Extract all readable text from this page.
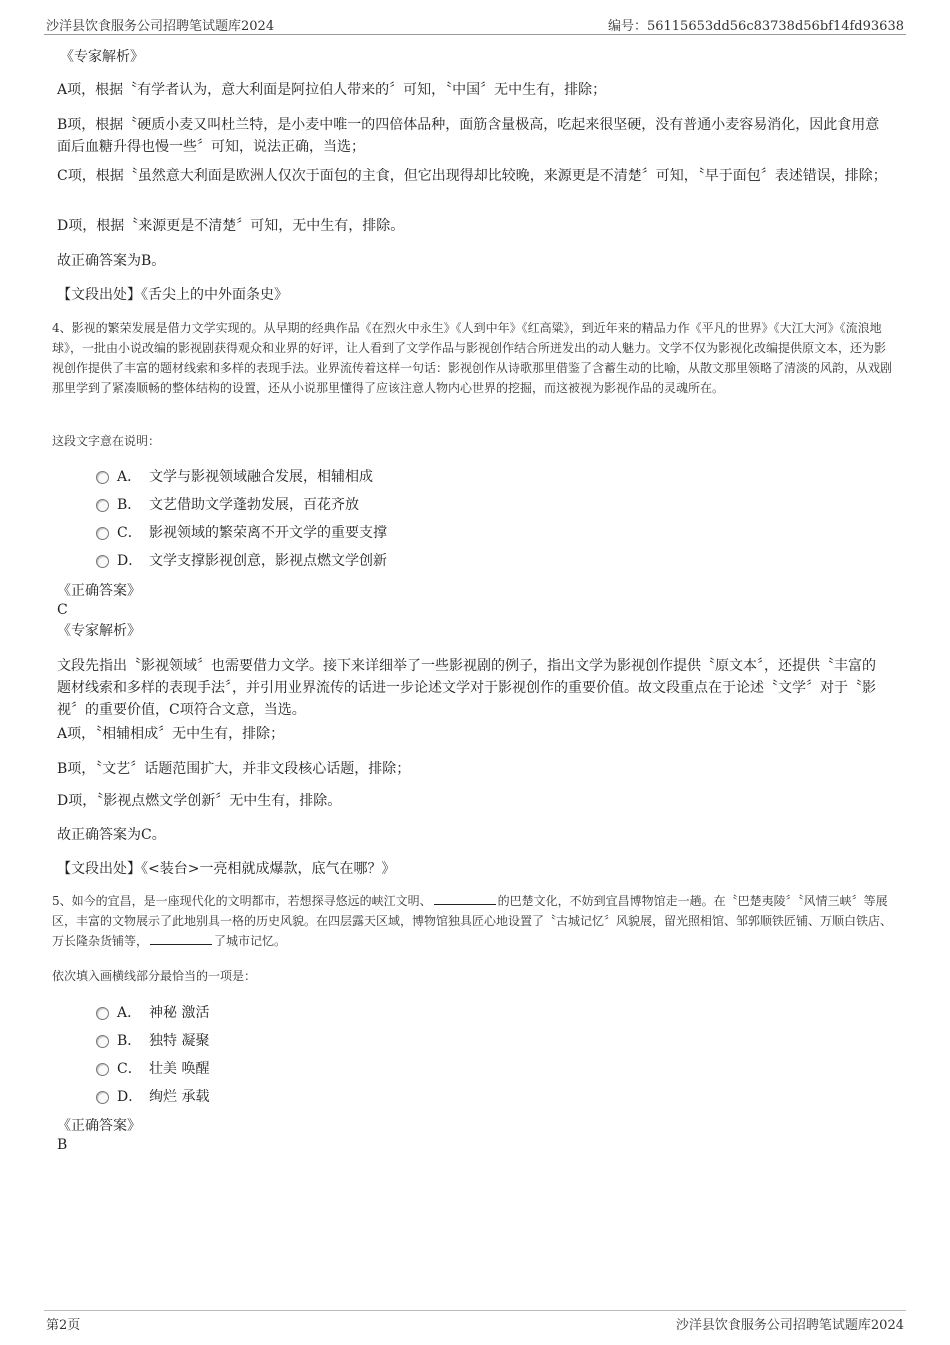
沙洋县饮食服务公司招聘笔试题库2024	编号：56115653dd56c83738d56bf14fd93638
《专家解析》
A项，根据〝有学者认为，意大利面是阿拉伯人带来的〞可知，〝中国〞无中生有，排除；
B项，根据〝硬质小麦又叫杜兰特，是小麦中唯一的四倍体品种，面筋含量极高，吃起来很坚硬，没有普通小麦容易消化，因此食用意面后血糖升得也慢一些〞可知，说法正确，当选；
C项，根据〝虽然意大利面是欧洲人仅次于面包的主食，但它出现得却比较晚，来源更是不清楚〞可知，〝早于面包〞表述错误，排除；
D项，根据〝来源更是不清楚〞可知，无中生有，排除。
故正确答案为B。
【文段出处】《舌尖上的中外面条史》
4、影视的繁荣发展是借力文学实现的。从早期的经典作品《在烈火中永生》《人到中年》《红高粱》，到近年来的精品力作《平凡的世界》《大江大河》《流浪地球》，一批由小说改编的影视剧获得观众和业界的好评，让人看到了文学作品与影视创作结合所迸发出的动人魅力。文学不仅为影视化改编提供原文本，还为影视创作提供了丰富的题材线索和多样的表现手法。业界流传着这样一句话：影视创作从诗歌那里借鉴了含蓄生动的比喻，从散文那里领略了清淡的风韵，从戏剧那里学到了紧凑顺畅的整体结构的设置，还从小说那里懂得了应该注意人物内心世界的挖掘，而这被视为影视作品的灵魂所在。
这段文字意在说明：
A． 文学与影视领域融合发展，相辅相成
B． 文艺借助文学蓬勃发展，百花齐放
C． 影视领域的繁荣离不开文学的重要支撑
D． 文学支撑影视创意，影视点燃文学创新
《正确答案》
C
《专家解析》
文段先指出〝影视领域〞也需要借力文学。接下来详细举了一些影视剧的例子，指出文学为影视创作提供〝原文本〞，还提供〝丰富的题材线索和多样的表现手法〞，并引用业界流传的话进一步论述文学对于影视创作的重要价值。故文段重点在于论述〝文学〞对于〝影视〞的重要价值，C项符合文意，当选。
A项，〝相辅相成〞无中生有，排除；
B项，〝文艺〞话题范围扩大，并非文段核心话题，排除；
D项，〝影视点燃文学创新〞无中生有，排除。
故正确答案为C。
【文段出处】《<装台>一亮相就成爆款，底气在哪？》
5、如今的宜昌，是一座现代化的文明都市，若想探寻悠远的峡江文明、	的巴楚文化，不妨到宜昌博物馆走一趟。在〝巴楚夷陵〞〝风情三峡〞等展区，丰富的文物展示了此地别具一格的历史风貌。在四层露天区域，博物馆独具匠心地设置了〝古城记忆〞风貌展，留光照相馆、邹郭顺铁匠铺、万顺白铁店、万长隆杂货铺等，	了城市记忆。
依次填入画横线部分最恰当的一项是：
A． 神秘 激活
B． 独特 凝聚
C． 壮美 唤醒
D． 绚烂 承载
《正确答案》
B
第2页	沙洋县饮食服务公司招聘笔试题库2024
